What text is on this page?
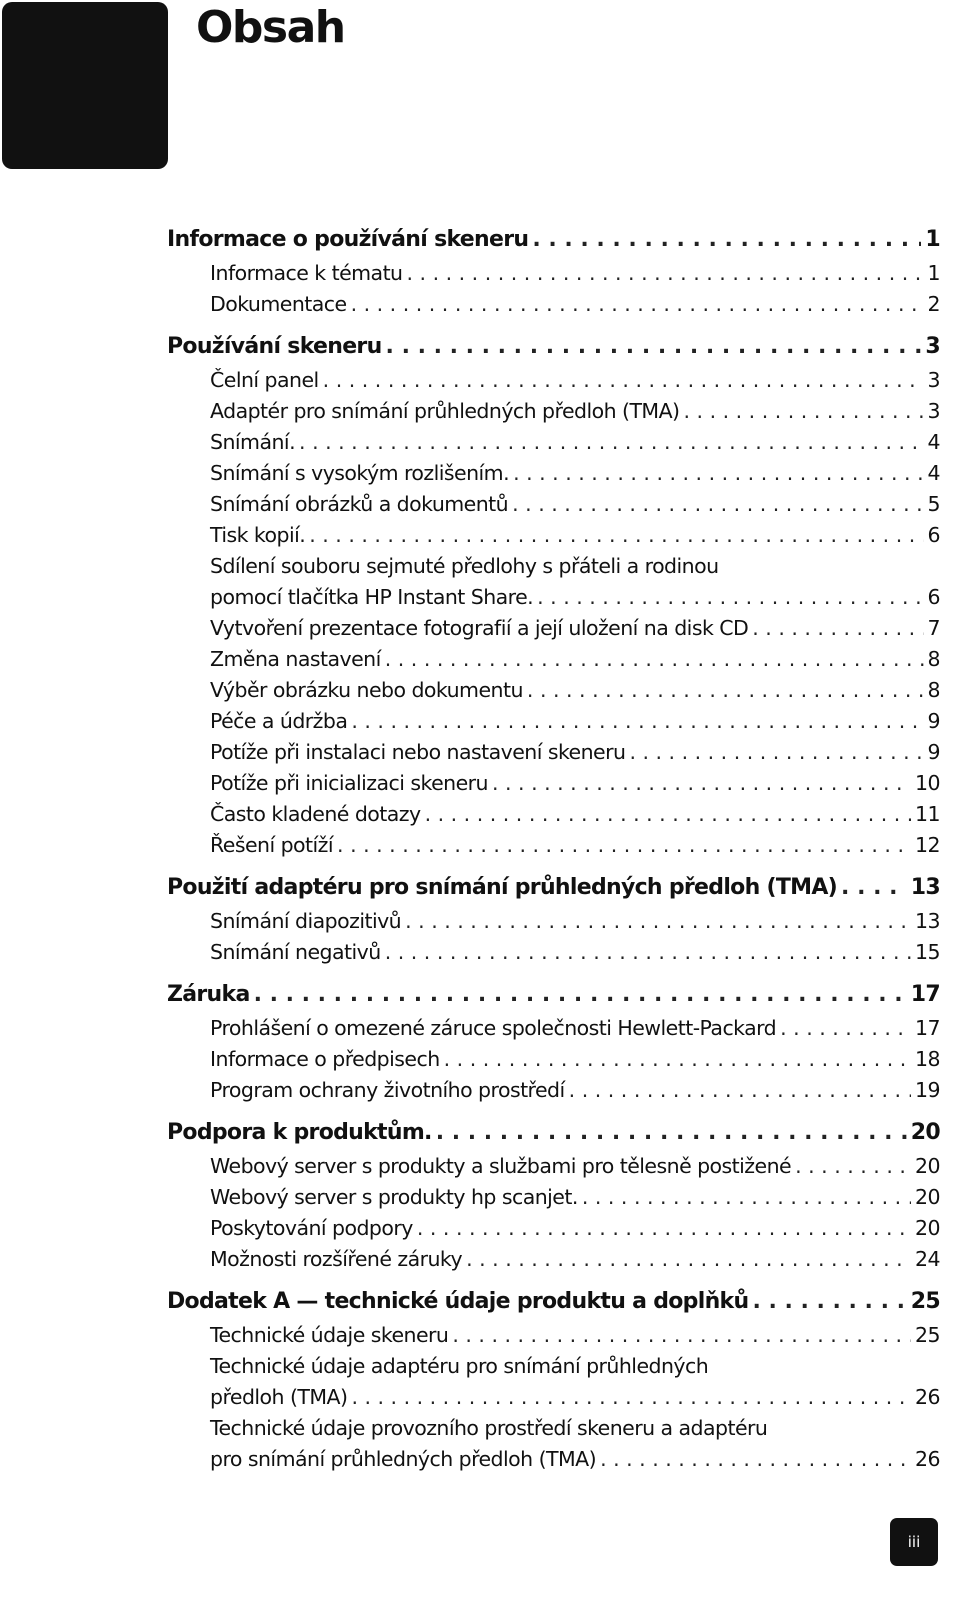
Obsah
Informace o používání skeneru . . .	1
Informace k tématu . . .	1
Dokumentace . . .	2
Používání skeneru . . .	3
Čelní panel . . .	3
Adaptér pro snímání průhledných předloh (TMA) . . .	3
Snímání. . . .	4
Snímání s vysokým rozlišením. . . .	4
Snímání obrázků a dokumentů . . .	5
Tisk kopií. . . .	6
Sdílení souboru sejmuté předlohy s přáteli a rodinou
pomocí tlačítka HP Instant Share. . . .	6
Vytvoření prezentace fotografií a její uložení na disk CD . . .	7
Změna nastavení . . .	8
Výběr obrázku nebo dokumentu . . .	8
Péče a údržba . . .	9
Potíže při instalaci nebo nastavení skeneru . . .	9
Potíže při inicializaci skeneru . . .	10
Často kladené dotazy . . .	11
Řešení potíží . . .	12
Použití adaptéru pro snímání průhledných předloh (TMA) . . .	13
Snímání diapozitivů . . .	13
Snímání negativů . . .	15
Záruka . . .	17
Prohlášení o omezené záruce společnosti Hewlett-Packard . . .	17
Informace o předpisech . . .	18
Program ochrany životního prostředí . . .	19
Podpora k produktům. . . .	20
Webový server s produkty a službami pro tělesně postižené . . .	20
Webový server s produkty hp scanjet. . . .	20
Poskytování podpory . . .	20
Možnosti rozšířené záruky . . .	24
Dodatek A — technické údaje produktu a doplňků . . .	25
Technické údaje skeneru . . .	25
Technické údaje adaptéru pro snímání průhledných
předloh (TMA) . . .	26
Technické údaje provozního prostředí skeneru a adaptéru
pro snímání průhledných předloh (TMA) . . .	26
iii
